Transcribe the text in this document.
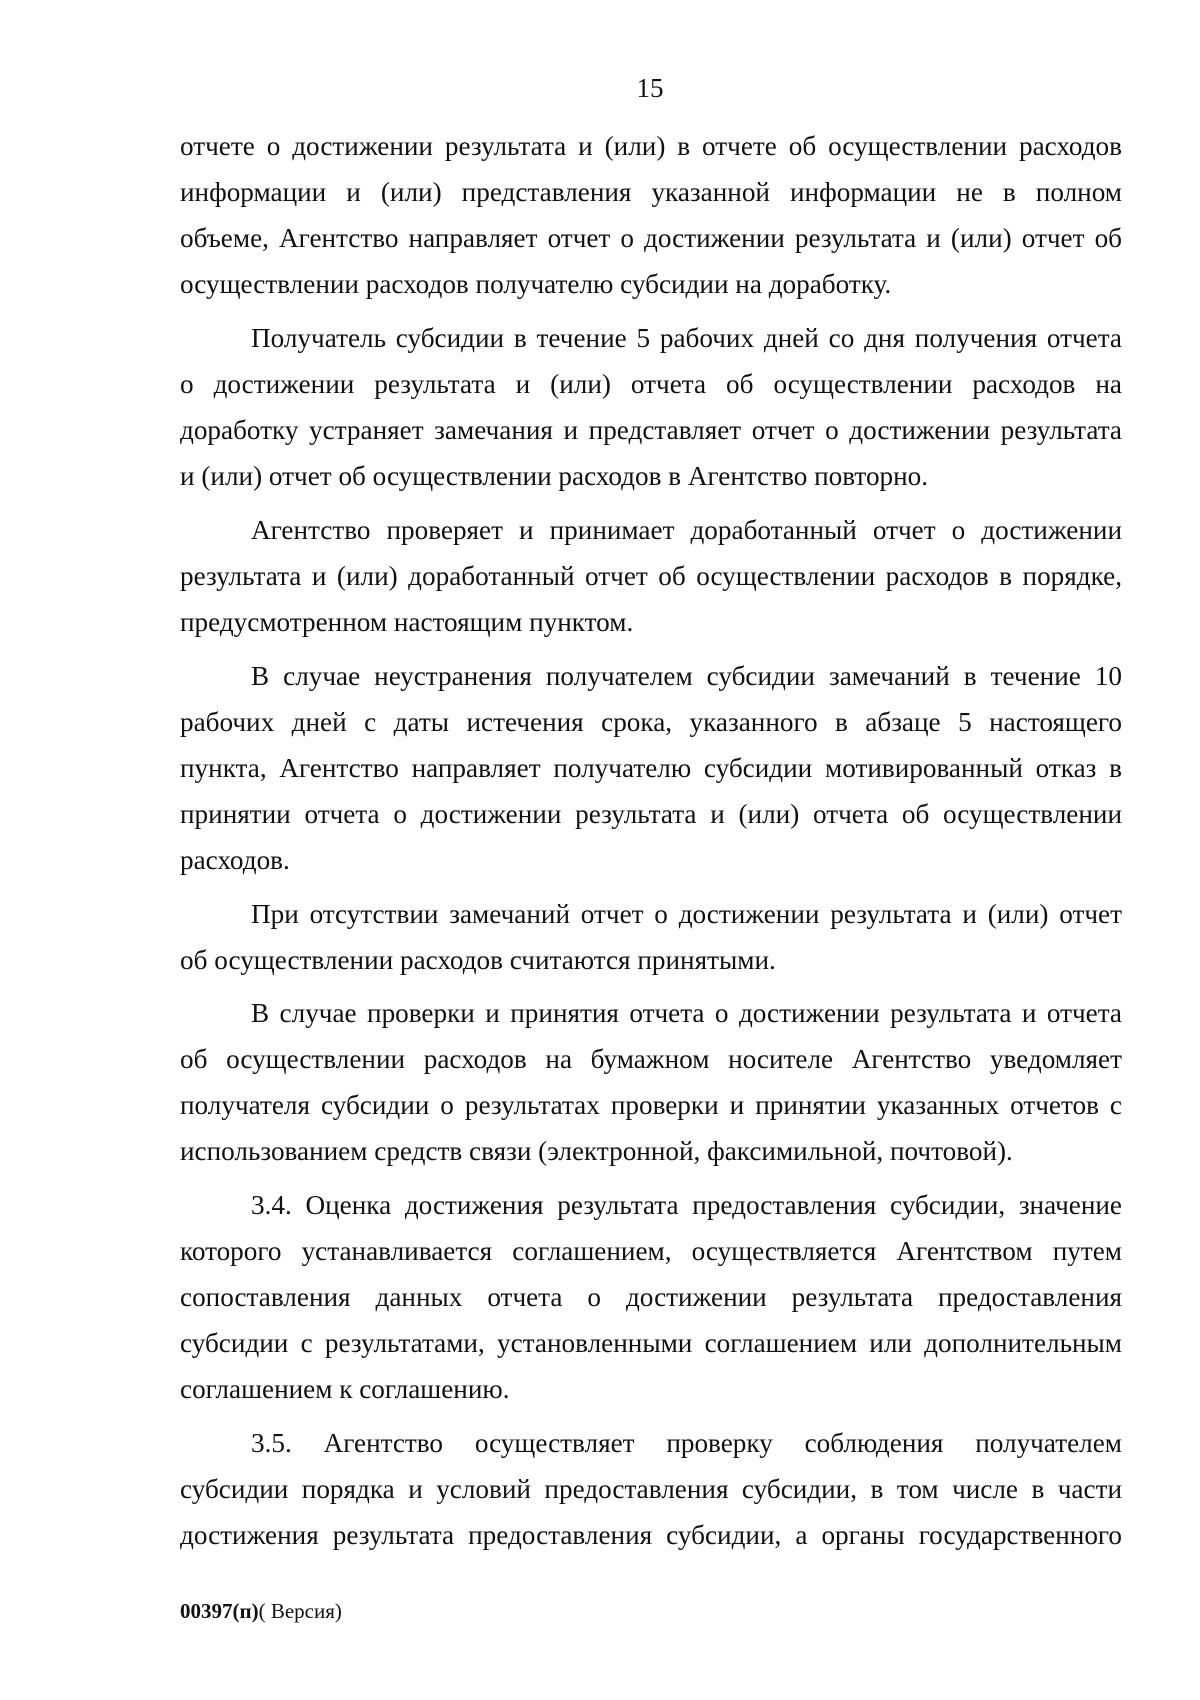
15

отчете о достижении результата и (или) в отчете об осуществлении расходов
информации и (или) представления указанной информации не в полном
объеме, Агентство направляет отчет о достижении результата и (или) отчет об
осуществлении расходов получателю субсидии на доработку.

Получатель субсидии в течение 5 рабочих дней со дня получения отчета
о достижении результата и (или) отчета об осуществлении расходов на
доработку устраняет замечания и представляет отчет о достижении результата
и (или) отчет об осуществлении расходов в Агентство повторно.

Агентство проверяет и принимает доработанный отчет о достижении
результата и (или) доработанный отчет об осуществлении расходов в порядке,
предусмотренном настоящим пунктом.

В случае неустранения получателем субсидии замечаний в течение 10
рабочих дней с даты истечения срока, указанного в абзаце 5 настоящего
пункта, Агентство направляет получателю субсидии мотивированный отказ в
принятии отчета о достижении результата и (или) отчета об осуществлении
расходов.

При отсутствии замечаний отчет о достижении результата и (или) отчет
об осуществлении расходов считаются принятыми.

В случае проверки и принятия отчета о достижении результата и отчета
об осуществлении расходов на бумажном носителе Агентство уведомляет
получателя субсидии о результатах проверки и принятии указанных отчетов с
использованием средств связи (электронной, факсимильной, почтовой).

3.4. Оценка достижения результата предоставления субсидии, значение
которого устанавливается соглашением, осуществляется Агентством путем
сопоставления данных отчета о достижении результата предоставления
субсидии с результатами, установленными соглашением или дополнительным
соглашением к соглашению.

3.5. Агентство осуществляет проверку соблюдения получателем
субсидии порядка и условий предоставления субсидии, в том числе в части
достижения результата предоставления субсидии, а органы государственного

00397(п)( Версия)
